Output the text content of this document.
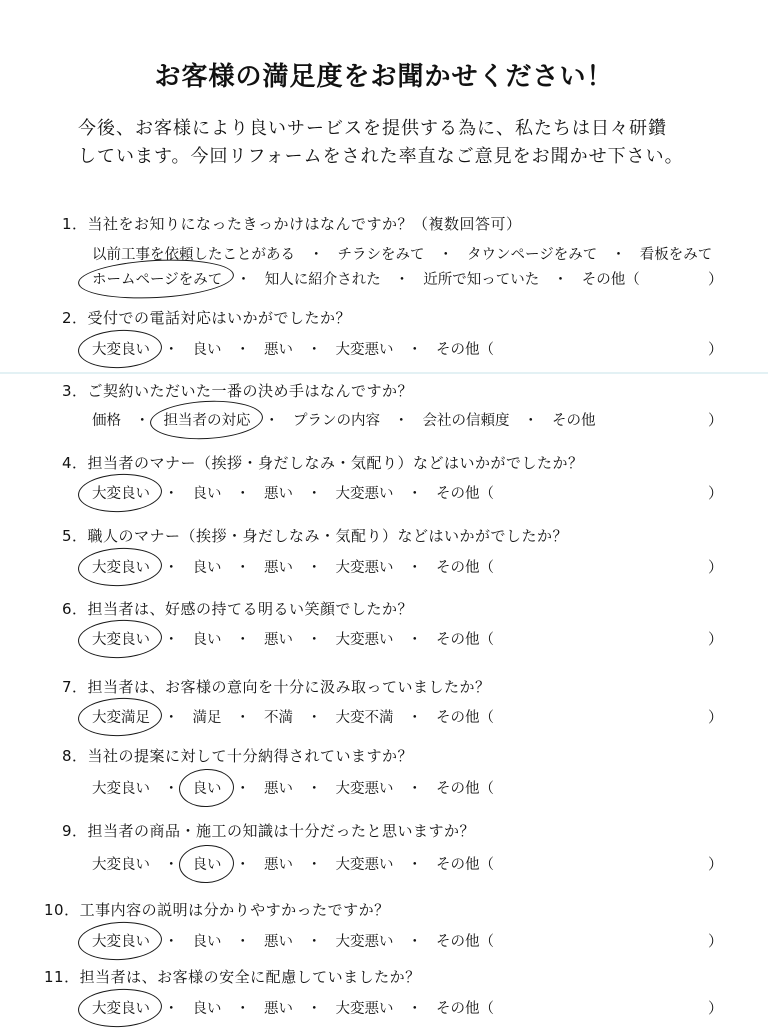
お客様の満足度をお聞かせください！
今後、お客様により良いサービスを提供する為に、私たちは日々研鑽
しています。今回リフォームをされた率直なご意見をお聞かせ下さい。
1．当社をお知りになったきっかけはなんですか？（複数回答可）
以前工事を依頼したことがある ・ チラシをみて ・ タウンページをみて ・ 看板をみて
ホームページをみて ・ 知人に紹介された ・ 近所で知っていた ・ その他（	）
2．受付での電話対応はいかがでしたか？
大変良い ・ 良い ・ 悪い ・ 大変悪い ・ その他（	）
3．ご契約いただいた一番の決め手はなんですか？
価格 ・ 担当者の対応 ・ プランの内容 ・ 会社の信頼度 ・ その他	）
4．担当者のマナー（挨拶・身だしなみ・気配り）などはいかがでしたか？
大変良い ・ 良い ・ 悪い ・ 大変悪い ・ その他（	）
5．職人のマナー（挨拶・身だしなみ・気配り）などはいかがでしたか？
大変良い ・ 良い ・ 悪い ・ 大変悪い ・ その他（	）
6．担当者は、好感の持てる明るい笑顔でしたか？
大変良い ・ 良い ・ 悪い ・ 大変悪い ・ その他（	）
7．担当者は、お客様の意向を十分に汲み取っていましたか？
大変満足 ・ 満足 ・ 不満 ・ 大変不満 ・ その他（	）
8．当社の提案に対して十分納得されていますか？
大変良い ・ 良い ・ 悪い ・ 大変悪い ・ その他（
9．担当者の商品・施工の知識は十分だったと思いますか？
大変良い ・ 良い ・ 悪い ・ 大変悪い ・ その他（	）
10．工事内容の説明は分かりやすかったですか？
大変良い ・ 良い ・ 悪い ・ 大変悪い ・ その他（	）
11．担当者は、お客様の安全に配慮していましたか？
大変良い ・ 良い ・ 悪い ・ 大変悪い ・ その他（	）
